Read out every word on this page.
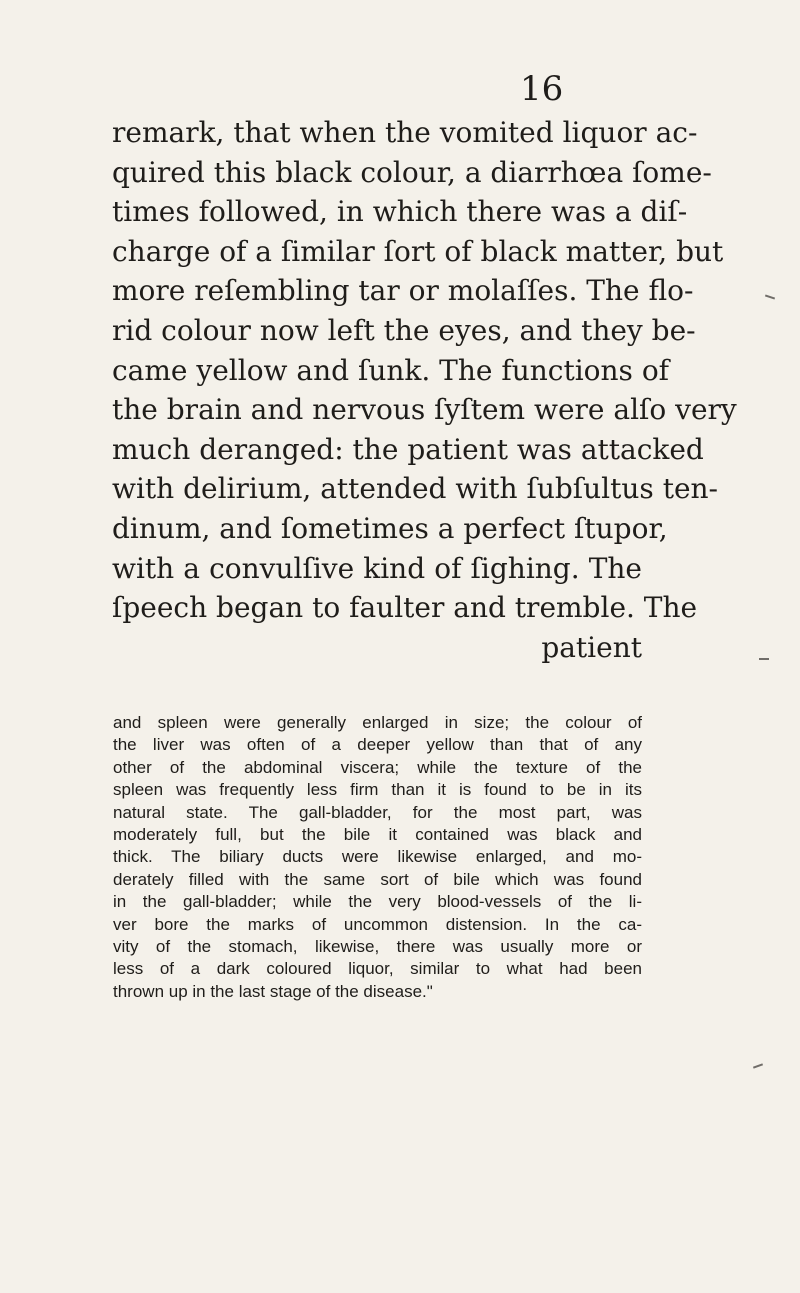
16
remark, that when the vomited liquor ac-
quired this black colour, a diarrhœa ſome-
times followed, in which there was a diſ-
charge of a ſimilar ſort of black matter, but
more reſembling tar or molaſſes. The flo-
rid colour now left the eyes, and they be-
came yellow and ſunk. The functions of
the brain and nervous ſyſtem were alſo very
much deranged: the patient was attacked
with delirium, attended with ſubſultus ten-
dinum, and ſometimes a perfect ſtupor,
with a convulſive kind of ſighing. The
ſpeech began to faulter and tremble. The
patient
and spleen were generally enlarged in size; the colour of
the liver was often of a deeper yellow than that of any
other of the abdominal viscera; while the texture of the
spleen was frequently less firm than it is found to be in its
natural state. The gall-bladder, for the most part, was
moderately full, but the bile it contained was black and
thick. The biliary ducts were likewise enlarged, and mo-
derately filled with the same sort of bile which was found
in the gall-bladder; while the very blood-vessels of the li-
ver bore the marks of uncommon distension. In the ca-
vity of the stomach, likewise, there was usually more or
less of a dark coloured liquor, similar to what had been
thrown up in the last stage of the disease."
